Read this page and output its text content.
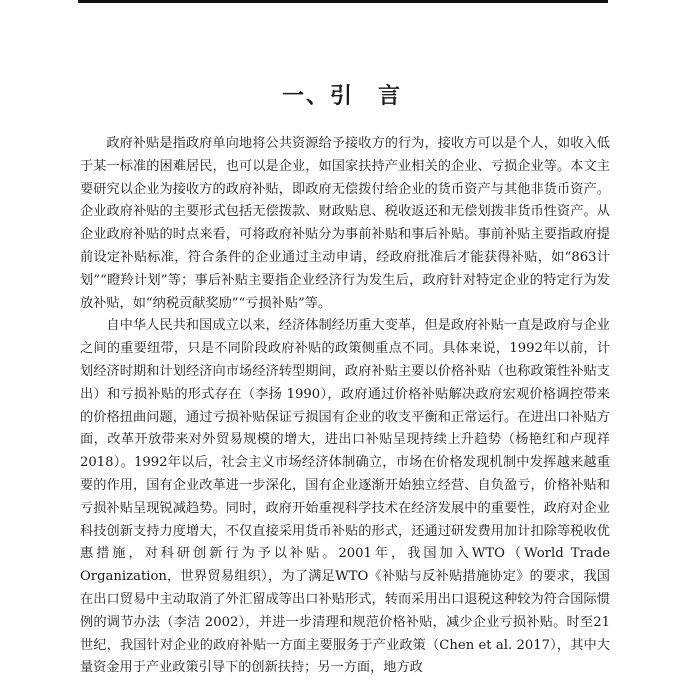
一、引　言

政府补贴是指政府单向地将公共资源给予接收方的行为，接收方可以是个人，如收入低于某一标准的困难居民，也可以是企业，如国家扶持产业相关的企业、亏损企业等。本文主要研究以企业为接收方的政府补贴，即政府无偿拨付给企业的货币资产与其他非货币资产。企业政府补贴的主要形式包括无偿拨款、财政贴息、税收返还和无偿划拨非货币性资产。从企业政府补贴的时点来看，可将政府补贴分为事前补贴和事后补贴。事前补贴主要指政府提前设定补贴标准，符合条件的企业通过主动申请，经政府批准后才能获得补贴，如“863计划”“瞪羚计划”等；事后补贴主要指企业经济行为发生后，政府针对特定企业的特定行为发放补贴，如“纳税贡献奖励”“亏损补贴”等。

自中华人民共和国成立以来，经济体制经历重大变革，但是政府补贴一直是政府与企业之间的重要纽带，只是不同阶段政府补贴的政策侧重点不同。具体来说，1992年以前，计划经济时期和计划经济向市场经济转型期间，政府补贴主要以价格补贴（也称政策性补贴支出）和亏损补贴的形式存在（李扬 1990），政府通过价格补贴解决政府宏观价格调控带来的价格扭曲问题，通过亏损补贴保证亏损国有企业的收支平衡和正常运行。在进出口补贴方面，改革开放带来对外贸易规模的增大，进出口补贴呈现持续上升趋势（杨艳红和卢现祥 2018）。1992年以后，社会主义市场经济体制确立，市场在价格发现机制中发挥越来越重要的作用，国有企业改革进一步深化，国有企业逐渐开始独立经营、自负盈亏，价格补贴和亏损补贴呈现锐减趋势。同时，政府开始重视科学技术在经济发展中的重要性，政府对企业科技创新支持力度增大，不仅直接采用货币补贴的形式，还通过研发费用加计扣除等税收优惠措施，对科研创新行为予以补贴。2001年，我国加入WTO（World Trade Organization，世界贸易组织），为了满足WTO《补贴与反补贴措施协定》的要求，我国在出口贸易中主动取消了外汇留成等出口补贴形式，转而采用出口退税这种较为符合国际惯例的调节办法（李洁 2002），并进一步清理和规范价格补贴，减少企业亏损补贴。时至21世纪，我国针对企业的政府补贴一方面主要服务于产业政策（Chen et al. 2017），其中大量资金用于产业政策引导下的创新扶持；另一方面，地方政
